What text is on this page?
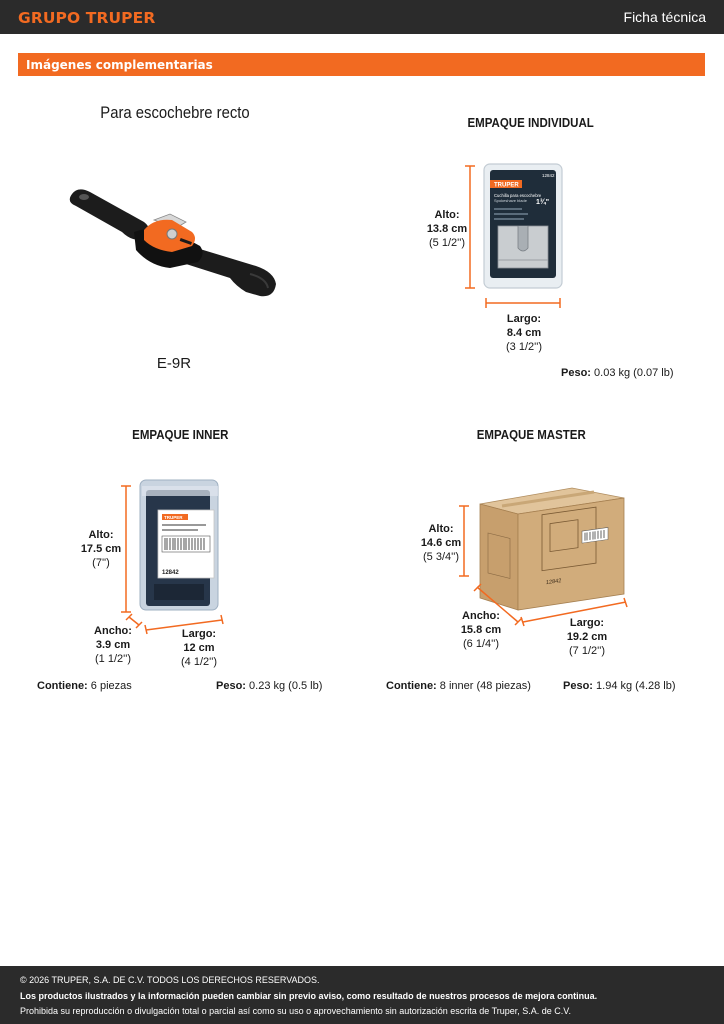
GRUPO TRUPER	Ficha técnica
Imágenes complementarias
Para escochebre recto
E-9R
EMPAQUE INDIVIDUAL
TRUPER
12842
Cuchilla para escochebre
Spokeshave blade 1¾"
Alto:
13.8 cm
(5 1/2'')
Largo:
8.4 cm
(3 1/2'')
Peso: 0.03 kg (0.07 lb)
EMPAQUE INNER
TRUPER
12842
Alto:
17.5 cm
(7'')
Ancho:
3.9 cm
(1 1/2'')
Largo:
12 cm
(4 1/2'')
Contiene: 6 piezas	Peso: 0.23 kg (0.5 lb)
EMPAQUE MASTER
12842
Alto:
14.6 cm
(5 3/4'')
Ancho:
15.8 cm
(6 1/4'')
Largo:
19.2 cm
(7 1/2'')
Contiene: 8 inner (48 piezas)	Peso: 1.94 kg (4.28 lb)

© 2026 TRUPER, S.A. DE C.V. TODOS LOS DERECHOS RESERVADOS.

Los productos ilustrados y la información pueden cambiar sin previo aviso, como resultado de nuestros procesos de mejora continua.

Prohibida su reproducción o divulgación total o parcial así como su uso o aprovechamiento sin autorización escrita de Truper, S.A. de C.V.
